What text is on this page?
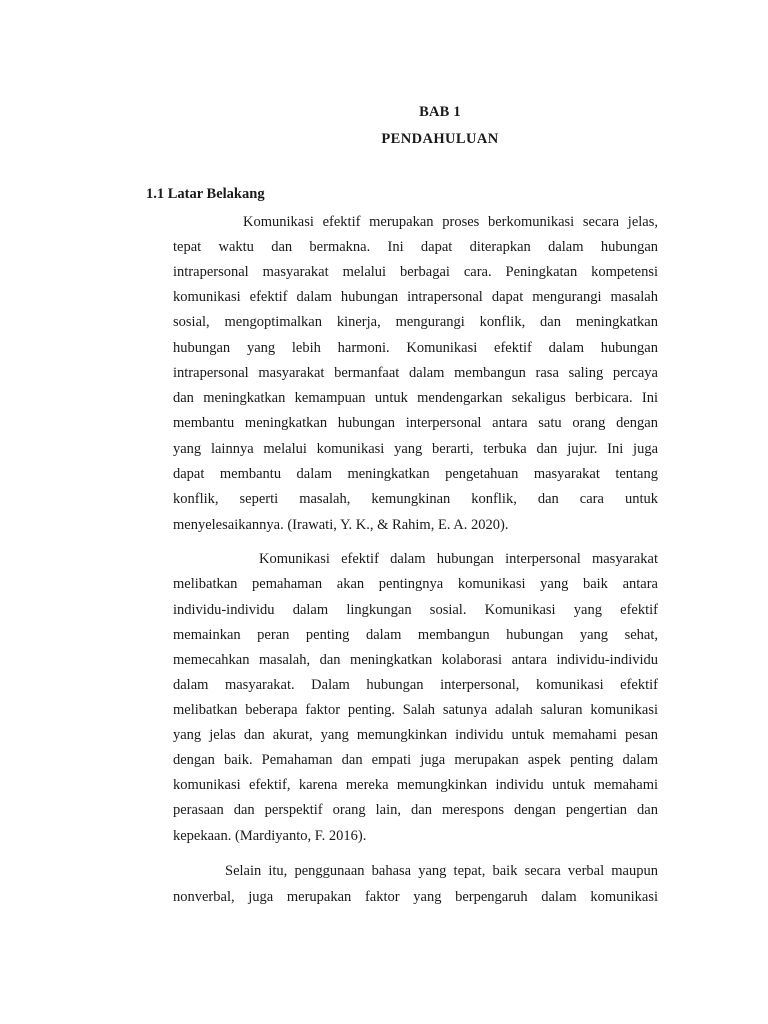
BAB 1
PENDAHULUAN
1.1 Latar Belakang
Komunikasi efektif merupakan proses berkomunikasi secara jelas,
tepat waktu dan bermakna. Ini dapat diterapkan dalam hubungan
intrapersonal masyarakat melalui berbagai cara. Peningkatan kompetensi
komunikasi efektif dalam hubungan intrapersonal dapat mengurangi masalah
sosial, mengoptimalkan kinerja, mengurangi konflik, dan meningkatkan
hubungan yang lebih harmoni. Komunikasi efektif dalam hubungan
intrapersonal masyarakat bermanfaat dalam membangun rasa saling percaya
dan meningkatkan kemampuan untuk mendengarkan sekaligus berbicara. Ini
membantu meningkatkan hubungan interpersonal antara satu orang dengan
yang lainnya melalui komunikasi yang berarti, terbuka dan jujur. Ini juga
dapat membantu dalam meningkatkan pengetahuan masyarakat tentang
konflik, seperti masalah, kemungkinan konflik, dan cara untuk
menyelesaikannya. (Irawati, Y. K., & Rahim, E. A. 2020).
Komunikasi efektif dalam hubungan interpersonal masyarakat
melibatkan pemahaman akan pentingnya komunikasi yang baik antara
individu-individu dalam lingkungan sosial. Komunikasi yang efektif
memainkan peran penting dalam membangun hubungan yang sehat,
memecahkan masalah, dan meningkatkan kolaborasi antara individu-individu
dalam masyarakat. Dalam hubungan interpersonal, komunikasi efektif
melibatkan beberapa faktor penting. Salah satunya adalah saluran komunikasi
yang jelas dan akurat, yang memungkinkan individu untuk memahami pesan
dengan baik. Pemahaman dan empati juga merupakan aspek penting dalam
komunikasi efektif, karena mereka memungkinkan individu untuk memahami
perasaan dan perspektif orang lain, dan merespons dengan pengertian dan
kepekaan. (Mardiyanto, F. 2016).
Selain itu, penggunaan bahasa yang tepat, baik secara verbal maupun
nonverbal, juga merupakan faktor yang berpengaruh dalam komunikasi
